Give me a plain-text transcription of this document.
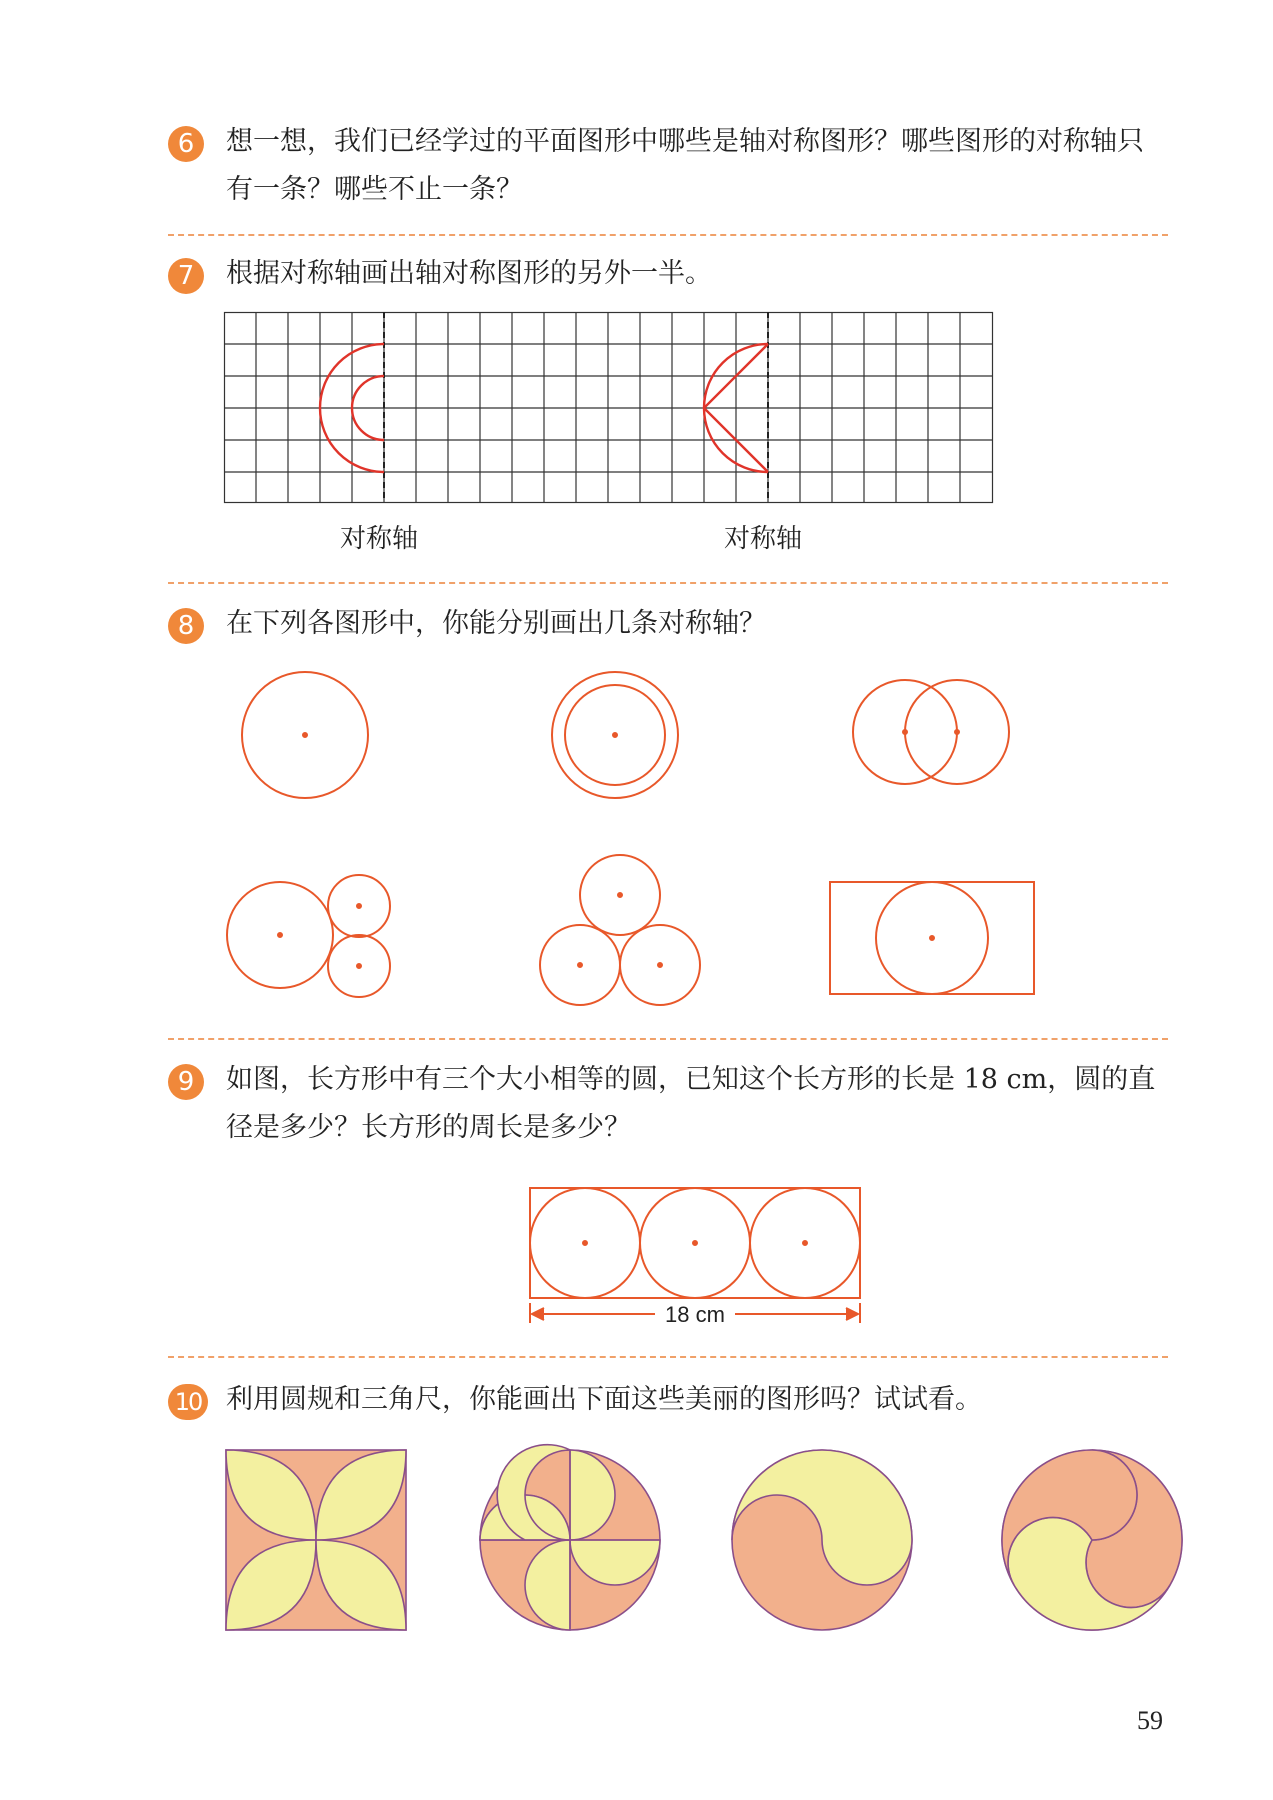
6	想一想，我们已经学过的平面图形中哪些是轴对称图形？哪些图形的对称轴只有一条？哪些不止一条？
7	根据对称轴画出轴对称图形的另外一半。
对称轴	对称轴
8	在下列各图形中，你能分别画出几条对称轴？
9	如图，长方形中有三个大小相等的圆，已知这个长方形的长是 18 cm，圆的直径是多少？长方形的周长是多少？
18 cm
10 利用圆规和三角尺，你能画出下面这些美丽的图形吗？试试看。
59
